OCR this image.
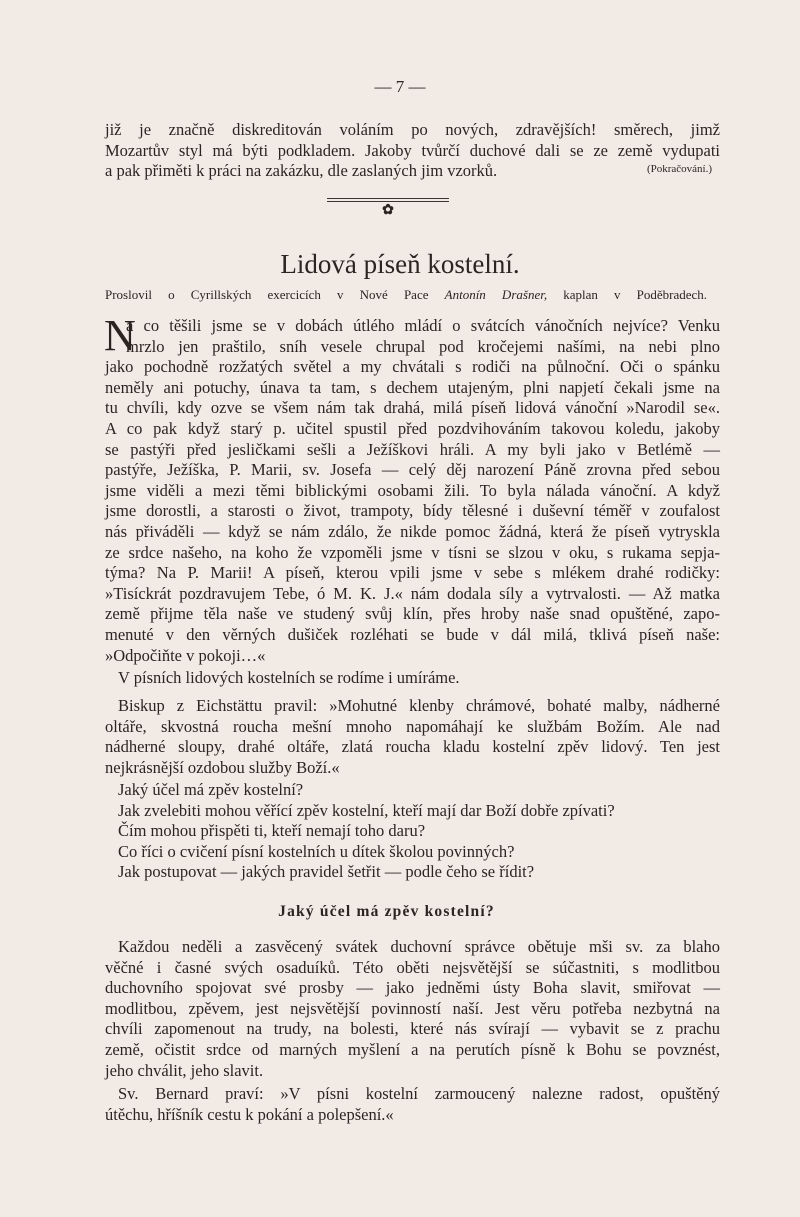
— 7 —
již je značně diskreditován voláním po nových, zdravějších! směrech, jimž
Mozartův styl má býti podkladem. Jakoby tvůrčí duchové dali se ze země vydupati
a pak přiměti k práci na zakázku, dle zaslaných jim vzorků.	(Pokračování.)
✿
Lidová píseň kostelní.
Proslovil o Cyrillských exercicích v Nové Pace Antonín Drašner, kaplan v Poděbradech.
N
a co těšili jsme se v dobách útlého mládí o svátcích vánočních nejvíce? Venku
mrzlo jen praštilo, sníh vesele chrupal pod kročejemi našími, na nebi plno
jako pochodně rozžatých světel a my chvátali s rodiči na půlnoční. Oči o spánku
neměly ani potuchy, únava ta tam, s dechem utajeným, plni napjetí čekali jsme na
tu chvíli, kdy ozve se všem nám tak drahá, milá píseň lidová vánoční »Narodil se«.
A co pak když starý p. učitel spustil před pozdvihováním takovou koledu, jakoby
se pastýři před jesličkami sešli a Ježíškovi hráli. A my byli jako v Betlémě —
pastýře, Ježíška, P. Marii, sv. Josefa — celý děj narození Páně zrovna před sebou
jsme viděli a mezi těmi biblickými osobami žili. To byla nálada vánoční. A když
jsme dorostli, a starosti o život, trampoty, bídy tělesné i duševní téměř v zoufalost
nás přiváděli — když se nám zdálo, že nikde pomoc žádná, která že píseň vytryskla
ze srdce našeho, na koho že vzpoměli jsme v tísni se slzou v oku, s rukama sepja-
týma? Na P. Marii! A píseň, kterou vpili jsme v sebe s mlékem drahé rodičky:
»Tisíckrát pozdravujem Tebe, ó M. K. J.« nám dodala síly a vytrvalosti. — Až matka
země přijme těla naše ve studený svůj klín, přes hroby naše snad opuštěné, zapo-
menuté v den věrných dušiček rozléhati se bude v dál milá, tklivá píseň naše:
»Odpočiňte v pokoji…«
V písních lidových kostelních se rodíme i umíráme.
Biskup z Eichstättu pravil: »Mohutné klenby chrámové, bohaté malby, nádherné
oltáře, skvostná roucha mešní mnoho napomáhají ke službám Božím. Ale nad
nádherné sloupy, drahé oltáře, zlatá roucha kladu kostelní zpěv lidový. Ten jest
nejkrásnější ozdobou služby Boží.«
Jaký účel má zpěv kostelní?
Jak zvelebiti mohou věřící zpěv kostelní, kteří mají dar Boží dobře zpívati?
Čím mohou přispěti ti, kteří nemají toho daru?
Co říci o cvičení písní kostelních u dítek školou povinných?
Jak postupovat — jakých pravidel šetřit — podle čeho se řídit?
Jaký účel má zpěv kostelní?
Každou neděli a zasvěcený svátek duchovní správce obětuje mši sv. za blaho
věčné i časné svých osaduíků. Této oběti nejsvětější se súčastniti, s modlitbou
duchovního spojovat své prosby — jako jedněmi ústy Boha slavit, smiřovat —
modlitbou, zpěvem, jest nejsvětější povinností naší. Jest věru potřeba nezbytná na
chvíli zapomenout na trudy, na bolesti, které nás svírají — vybavit se z prachu
země, očistit srdce od marných myšlení a na perutích písně k Bohu se povznést,
jeho chválit, jeho slavit.
Sv. Bernard praví: »V písni kostelní zarmoucený nalezne radost, opuštěný
útěchu, hříšník cestu k pokání a polepšení.«
